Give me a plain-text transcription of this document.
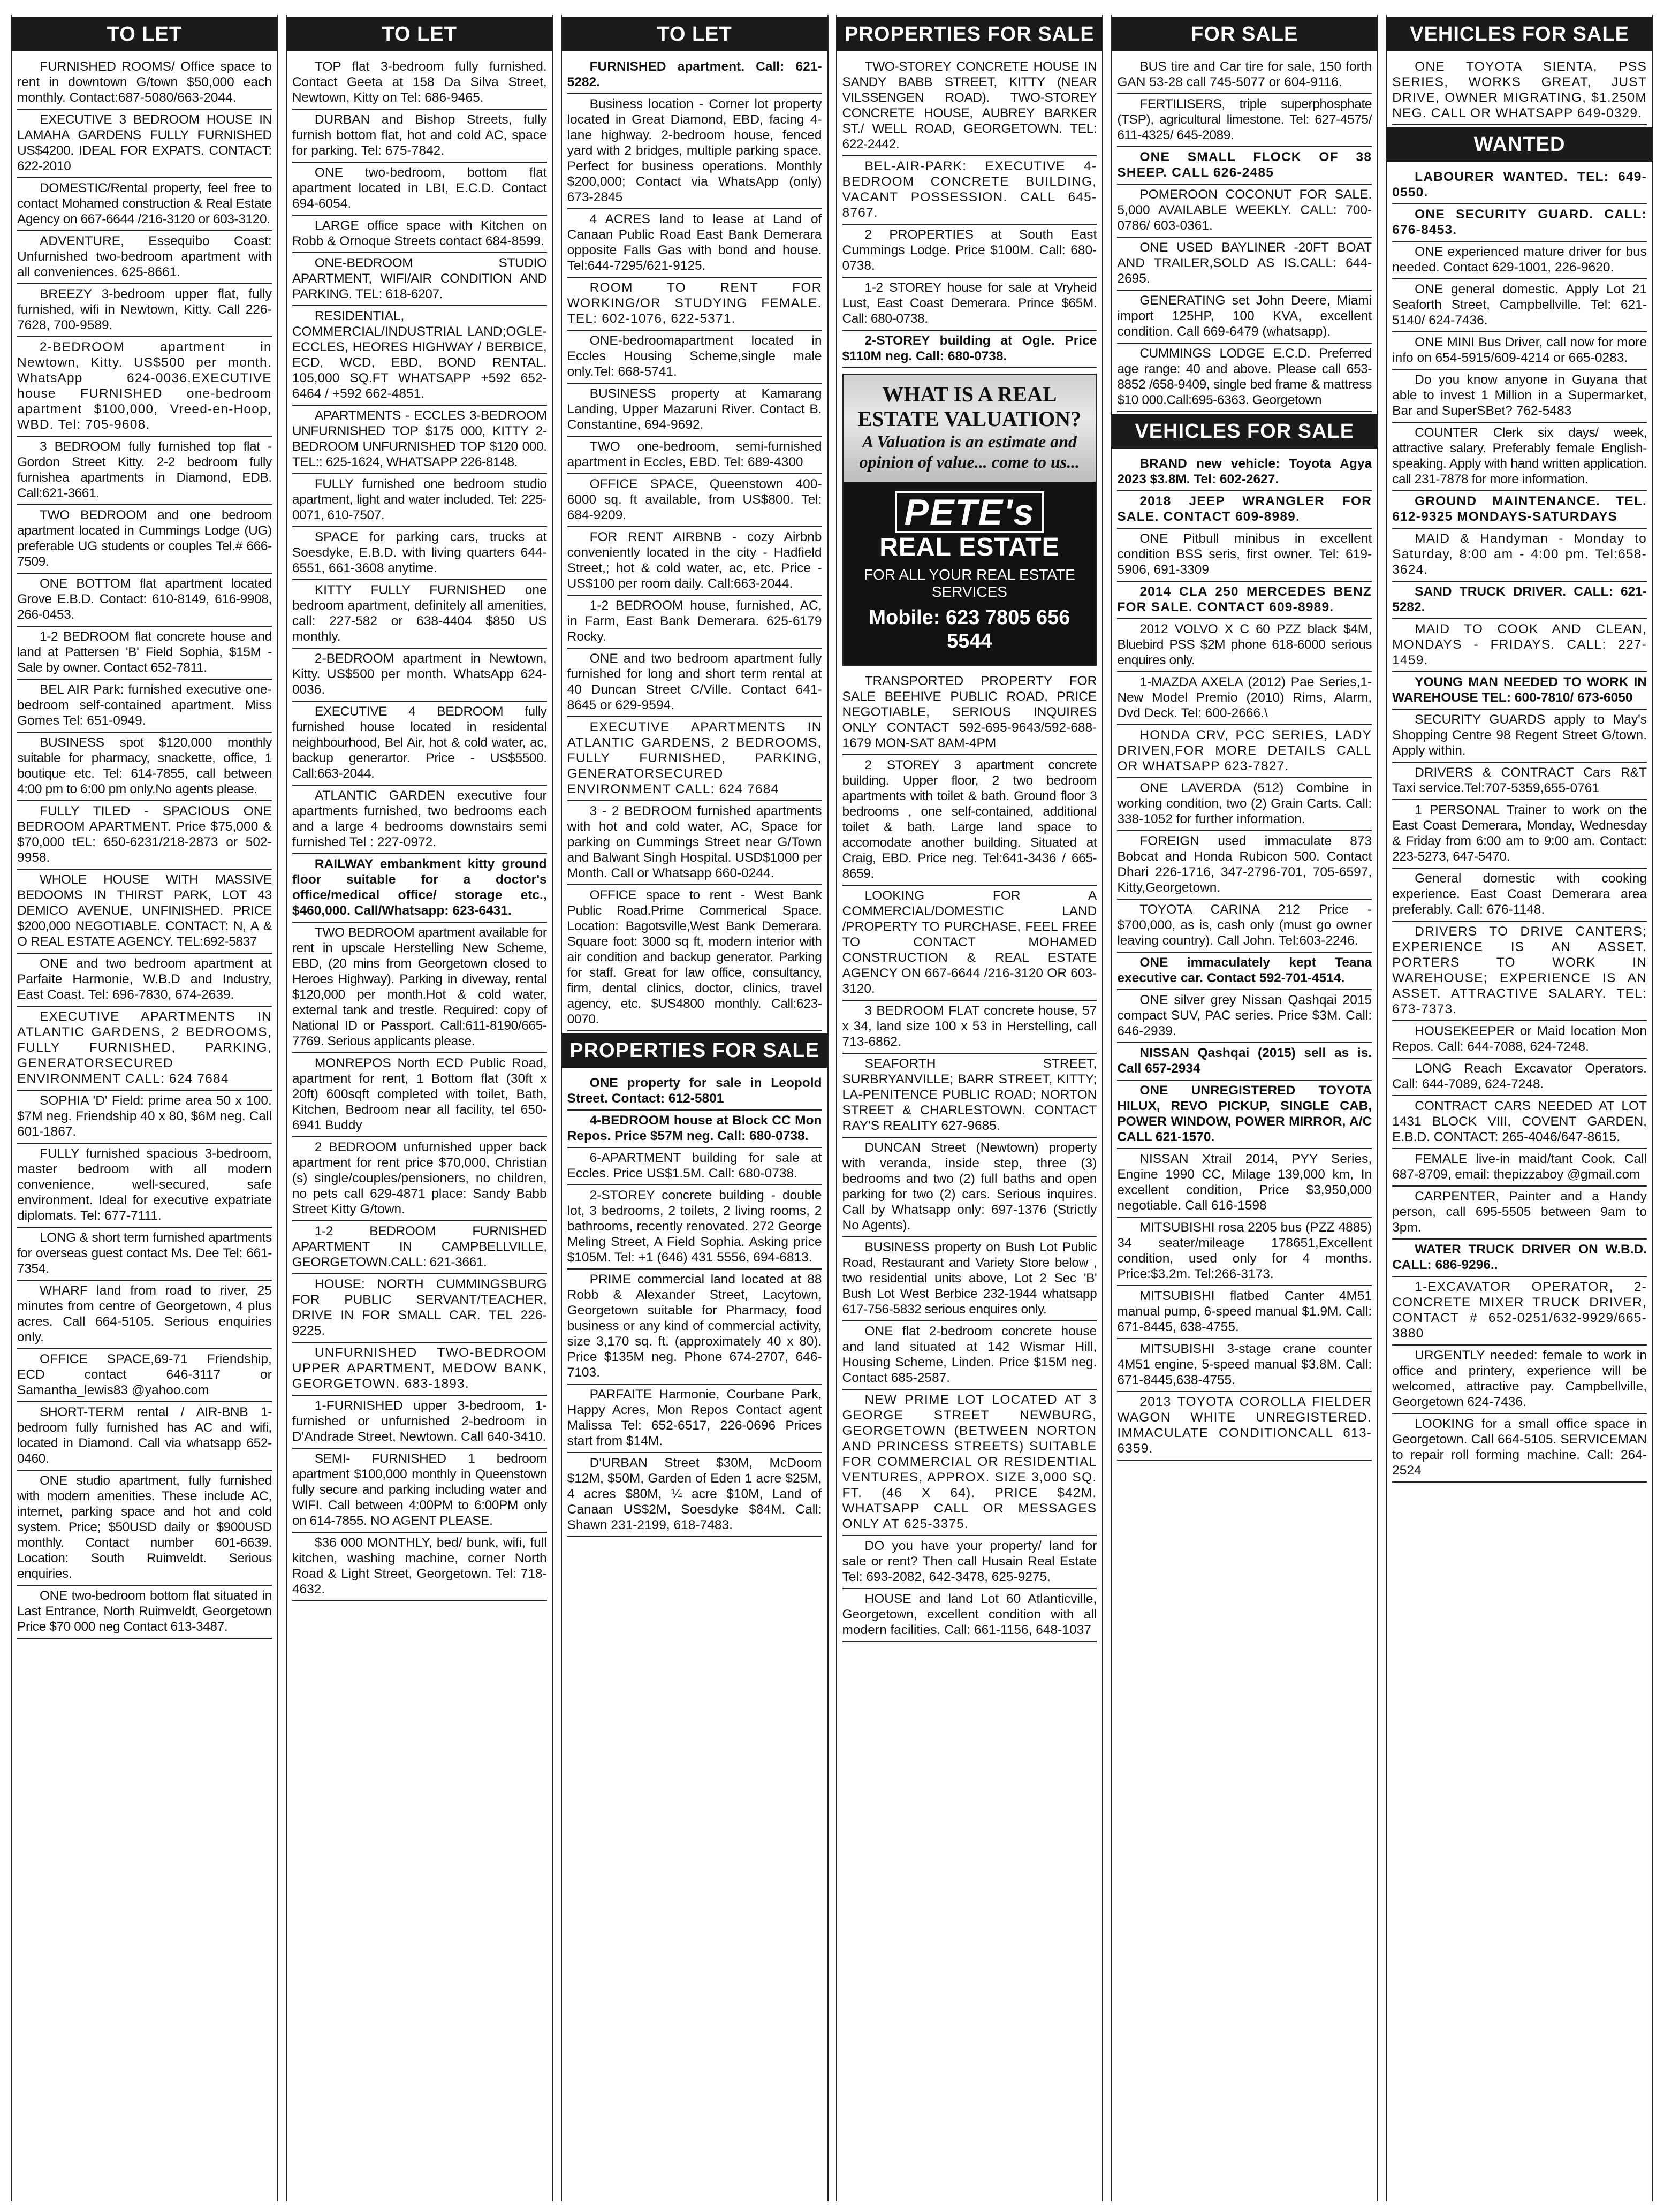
TO LET
FURNISHED ROOMS/ Office space to rent in downtown G/town $50,000 each monthly. Contact:687-5080/663-2044.
EXECUTIVE 3 BEDROOM HOUSE IN LAMAHA GARDENS FULLY FURNISHED US$4200. IDEAL FOR EXPATS. CONTACT: 622-2010
DOMESTIC/Rental property, feel free to contact Mohamed construction & Real Estate Agency on 667-6644 /216-3120 or 603-3120.
ADVENTURE, Essequibo Coast: Unfurnished two-bedroom apartment with all conveniences. 625-8661.
BREEZY 3-bedroom upper flat, fully furnished, wifi in Newtown, Kitty. Call 226-7628, 700-9589.
2-BEDROOM apartment in Newtown, Kitty. US$500 per month. WhatsApp 624-0036.EXECUTIVE house FURNISHED one-bedroom apartment $100,000, Vreed-en-Hoop, WBD. Tel: 705-9608.
3 BEDROOM fully furnished top flat - Gordon Street Kitty. 2-2 bedroom fully furnishea apartments in Diamond, EDB. Call:621-3661.
TWO BEDROOM and one bedroom apartment located in Cummings Lodge (UG) preferable UG students or couples Tel.# 666-7509.
ONE BOTTOM flat apartment located Grove E.B.D. Contact: 610-8149, 616-9908, 266-0453.
1-2 BEDROOM flat concrete house and land at Pattersen 'B' Field Sophia, $15M - Sale by owner. Contact 652-7811.
BEL AIR Park: furnished executive one-bedroom self-contained apartment. Miss Gomes Tel: 651-0949.
BUSINESS spot $120,000 monthly suitable for pharmacy, snackette, office, 1 boutique etc. Tel: 614-7855, call between 4:00 pm to 6:00 pm only.No agents please.
FULLY TILED - SPACIOUS ONE BEDROOM APARTMENT. Price $75,000 & $70,000 tEL: 650-6231/218-2873 or 502-9958.
WHOLE HOUSE WITH MASSIVE BEDOOMS IN THIRST PARK, LOT 43 DEMICO AVENUE, UNFINISHED. PRICE $200,000 NEGOTIABLE. CONTACT: N, A & O REAL ESTATE AGENCY. TEL:692-5837
ONE and two bedroom apartment at Parfaite Harmonie, W.B.D and Industry, East Coast. Tel: 696-7830, 674-2639.
EXECUTIVE APARTMENTS IN ATLANTIC GARDENS, 2 BEDROOMS, FULLY FURNISHED, PARKING, GENERATORSECURED ENVIRONMENT CALL: 624 7684
SOPHIA 'D' Field: prime area 50 x 100. $7M neg. Friendship 40 x 80, $6M neg. Call 601-1867.
FULLY furnished spacious 3-bedroom, master bedroom with all modern convenience, well-secured, safe environment. Ideal for executive expatriate diplomats. Tel: 677-7111.
LONG & short term furnished apartments for overseas guest contact Ms. Dee Tel: 661-7354.
WHARF land from road to river, 25 minutes from centre of Georgetown, 4 plus acres. Call 664-5105. Serious enquiries only.
OFFICE SPACE,69-71 Friendship, ECD contact 646-3117 or Samantha_lewis83 @yahoo.com
SHORT-TERM rental / AIR-BNB 1-bedroom fully furnished has AC and wifi, located in Diamond. Call via whatsapp 652-0460.
ONE studio apartment, fully furnished with modern amenities. These include AC, internet, parking space and hot and cold system. Price; $50USD daily or $900USD monthly. Contact number 601-6639. Location: South Ruimveldt. Serious enquiries.
ONE two-bedroom bottom flat situated in Last Entrance, North Ruimveldt, Georgetown Price $70 000 neg Contact 613-3487.
TO LET
TOP flat 3-bedroom fully furnished. Contact Geeta at 158 Da Silva Street, Newtown, Kitty on Tel: 686-9465.
DURBAN and Bishop Streets, fully furnish bottom flat, hot and cold AC, space for parking. Tel: 675-7842.
ONE two-bedroom, bottom flat apartment located in LBI, E.C.D. Contact 694-6054.
LARGE office space with Kitchen on Robb & Ornoque Streets contact 684-8599.
ONE-BEDROOM STUDIO APARTMENT, WIFI/AIR CONDITION AND PARKING. TEL: 618-6207.
RESIDENTIAL, COMMERCIAL/INDUSTRIAL LAND;OGLE-ECCLES, HEORES HIGHWAY / BERBICE, ECD, WCD, EBD, BOND RENTAL. 105,000 SQ.FT WHATSAPP +592 652-6464 / +592 662-4851.
APARTMENTS - ECCLES 3-BEDROOM UNFURNISHED TOP $175 000, KITTY 2-BEDROOM UNFURNISHED TOP $120 000. TEL:: 625-1624, WHATSAPP 226-8148.
FULLY furnished one bedroom studio apartment, light and water included. Tel: 225-0071, 610-7507.
SPACE for parking cars, trucks at Soesdyke, E.B.D. with living quarters 644-6551, 661-3608 anytime.
KITTY FULLY FURNISHED one bedroom apartment, definitely all amenities, call: 227-582 or 638-4404 $850 US monthly.
2-BEDROOM apartment in Newtown, Kitty. US$500 per month. WhatsApp 624-0036.
EXECUTIVE 4 BEDROOM fully furnished house located in residental neighbourhood, Bel Air, hot & cold water, ac, backup generartor. Price - US$5500. Call:663-2044.
ATLANTIC GARDEN executive four apartments furnished, two bedrooms each and a large 4 bedrooms downstairs semi furnished Tel : 227-0972.
RAILWAY embankment kitty ground floor suitable for a doctor's office/medical office/ storage etc., $460,000. Call/Whatsapp: 623-6431.
TWO BEDROOM apartment available for rent in upscale Herstelling New Scheme, EBD, (20 mins from Georgetown closed to Heroes Highway). Parking in diveway, rental $120,000 per month.Hot & cold water, external tank and trestle. Required: copy of National ID or Passport. Call:611-8190/665-7769. Serious applicants please.
MONREPOS North ECD Public Road, apartment for rent, 1 Bottom flat (30ft x 20ft) 600sqft completed with toilet, Bath, Kitchen, Bedroom near all facility, tel 650-6941 Buddy
2 BEDROOM unfurnished upper back apartment for rent price $70,000, Christian (s) single/couples/pensioners, no children, no pets call 629-4871 place: Sandy Babb Street Kitty G/town.
1-2 BEDROOM FURNISHED APARTMENT IN CAMPBELLVILLE, GEORGETOWN.CALL: 621-3661.
HOUSE: NORTH CUMMINGSBURG FOR PUBLIC SERVANT/TEACHER, DRIVE IN FOR SMALL CAR. TEL 226-9225.
UNFURNISHED TWO-BEDROOM UPPER APARTMENT, MEDOW BANK, GEORGETOWN. 683-1893.
1-FURNISHED upper 3-bedroom, 1-furnished or unfurnished 2-bedroom in D'Andrade Street, Newtown. Call 640-3410.
SEMI- FURNISHED 1 bedroom apartment $100,000 monthly in Queenstown fully secure and parking including water and WIFI. Call between 4:00PM to 6:00PM only on 614-7855. NO AGENT PLEASE.
$36 000 MONTHLY, bed/ bunk, wifi, full kitchen, washing machine, corner North Road & Light Street, Georgetown. Tel: 718-4632.
TO LET
FURNISHED apartment. Call: 621-5282.
Business location - Corner lot property located in Great Diamond, EBD, facing 4-lane highway. 2-bedroom house, fenced yard with 2 bridges, multiple parking space. Perfect for business operations. Monthly $200,000; Contact via WhatsApp (only) 673-2845
4 ACRES land to lease at Land of Canaan Public Road East Bank Demerara opposite Falls Gas with bond and house. Tel:644-7295/621-9125.
ROOM TO RENT FOR WORKING/OR STUDYING FEMALE. TEL: 602-1076, 622-5371.
ONE-bedroomapartment located in Eccles Housing Scheme,single male only.Tel: 668-5741.
BUSINESS property at Kamarang Landing, Upper Mazaruni River. Contact B. Constantine, 694-9692.
TWO one-bedroom, semi-furnished apartment in Eccles, EBD. Tel: 689-4300
OFFICE SPACE, Queenstown 400-6000 sq. ft available, from US$800. Tel: 684-9209.
FOR RENT AIRBNB - cozy Airbnb conveniently located in the city - Hadfield Street,; hot & cold water, ac, etc. Price - US$100 per room daily. Call:663-2044.
1-2 BEDROOM house, furnished, AC, in Farm, East Bank Demerara. 625-6179 Rocky.
ONE and two bedroom apartment fully furnished for long and short term rental at 40 Duncan Street C/Ville. Contact 641-8645 or 629-9594.
EXECUTIVE APARTMENTS IN ATLANTIC GARDENS, 2 BEDROOMS, FULLY FURNISHED, PARKING, GENERATORSECURED ENVIRONMENT CALL: 624 7684
3 - 2 BEDROOM furnished apartments with hot and cold water, AC, Space for parking on Cummings Street near G/Town and Balwant Singh Hospital. USD$1000 per Month. Call or Whatsapp 660-0244.
OFFICE space to rent - West Bank Public Road.Prime Commerical Space. Location: Bagotsville,West Bank Demerara. Square foot: 3000 sq ft, modern interior with air condition and backup generator. Parking for staff. Great for law office, consultancy, firm, dental clinics, doctor, clinics, travel agency, etc. $US4800 monthly. Call:623-0070.
PROPERTIES FOR SALE
ONE property for sale in Leopold Street. Contact: 612-5801
4-BEDROOM house at Block CC Mon Repos. Price $57M neg. Call: 680-0738.
6-APARTMENT building for sale at Eccles. Price US$1.5M. Call: 680-0738.
2-STOREY concrete building - double lot, 3 bedrooms, 2 toilets, 2 living rooms, 2 bathrooms, recently renovated. 272 George Meling Street, A Field Sophia. Asking price $105M. Tel: +1 (646) 431 5556, 694-6813.
PRIME commercial land located at 88 Robb & Alexander Street, Lacytown, Georgetown suitable for Pharmacy, food business or any kind of commercial activity, size 3,170 sq. ft. (approximately 40 x 80). Price $135M neg. Phone 674-2707, 646-7103.
PARFAITE Harmonie, Courbane Park, Happy Acres, Mon Repos Contact agent Malissa Tel: 652-6517, 226-0696 Prices start from $14M.
D'URBAN Street $30M, McDoom $12M, $50M, Garden of Eden 1 acre $25M, 4 acres $80M, ¼ acre $10M, Land of Canaan US$2M, Soesdyke $84M. Call: Shawn 231-2199, 618-7483.
PROPERTIES FOR SALE
TWO-STOREY CONCRETE HOUSE IN SANDY BABB STREET, KITTY (NEAR VILSSENGEN ROAD). TWO-STOREY CONCRETE HOUSE, AUBREY BARKER ST./ WELL ROAD, GEORGETOWN. TEL: 622-2442.
BEL-AIR-PARK: EXECUTIVE 4-BEDROOM CONCRETE BUILDING, VACANT POSSESSION. CALL 645-8767.
2 PROPERTIES at South East Cummings Lodge. Price $100M. Call: 680-0738.
1-2 STOREY house for sale at Vryheid Lust, East Coast Demerara. Prince $65M. Call: 680-0738.
2-STOREY building at Ogle. Price $110M neg. Call: 680-0738.
WHAT IS A REAL ESTATE VALUATION?
A Valuation is an estimate and opinion of value... come to us...
PETE's
REAL ESTATE
FOR ALL YOUR REAL ESTATE SERVICES
Mobile: 623 7805 656 5544
TRANSPORTED PROPERTY FOR SALE BEEHIVE PUBLIC ROAD, PRICE NEGOTIABLE, SERIOUS INQUIRES ONLY CONTACT 592-695-9643/592-688-1679 MON-SAT 8AM-4PM
2 STOREY 3 apartment concrete building. Upper floor, 2 two bedroom apartments with toilet & bath. Ground floor 3 bedrooms , one self-contained, additional toilet & bath. Large land space to accomodate another building. Situated at Craig, EBD. Price neg. Tel:641-3436 / 665-8659.
LOOKING FOR A COMMERCIAL/DOMESTIC LAND /PROPERTY TO PURCHASE, FEEL FREE TO CONTACT MOHAMED CONSTRUCTION & REAL ESTATE AGENCY ON 667-6644 /216-3120 OR 603-3120.
3 BEDROOM FLAT concrete house, 57 x 34, land size 100 x 53 in Herstelling, call 713-6862.
SEAFORTH STREET, SURBRYANVILLE; BARR STREET, KITTY; LA-PENITENCE PUBLIC ROAD; NORTON STREET & CHARLESTOWN. CONTACT RAY'S REALITY 627-9685.
DUNCAN Street (Newtown) property with veranda, inside step, three (3) bedrooms and two (2) full baths and open parking for two (2) cars. Serious inquires. Call by Whatsapp only: 697-1376 (Strictly No Agents).
BUSINESS property on Bush Lot Public Road, Restaurant and Variety Store below , two residential units above, Lot 2 Sec 'B' Bush Lot West Berbice 232-1944 whatsapp 617-756-5832 serious enquires only.
ONE flat 2-bedroom concrete house and land situated at 142 Wismar Hill, Housing Scheme, Linden. Price $15M neg. Contact 685-2587.
NEW PRIME LOT LOCATED AT 3 GEORGE STREET NEWBURG, GEORGETOWN (BETWEEN NORTON AND PRINCESS STREETS) SUITABLE FOR COMMERCIAL OR RESIDENTIAL VENTURES, APPROX. SIZE 3,000 SQ. FT. (46 X 64). PRICE $42M. WHATSAPP CALL OR MESSAGES ONLY AT 625-3375.
DO you have your property/ land for sale or rent? Then call Husain Real Estate Tel: 693-2082, 642-3478, 625-9275.
HOUSE and land Lot 60 Atlanticville, Georgetown, excellent condition with all modern facilities. Call: 661-1156, 648-1037
FOR SALE
BUS tire and Car tire for sale, 150 forth GAN 53-28 call 745-5077 or 604-9116.
FERTILISERS, triple superphosphate (TSP), agricultural limestone. Tel: 627-4575/ 611-4325/ 645-2089.
ONE SMALL FLOCK OF 38 SHEEP. CALL 626-2485
POMEROON COCONUT FOR SALE. 5,000 AVAILABLE WEEKLY. CALL: 700-0786/ 603-0361.
ONE USED BAYLINER -20FT BOAT AND TRAILER,SOLD AS IS.CALL: 644-2695.
GENERATING set John Deere, Miami import 125HP, 100 KVA, excellent condition. Call 669-6479 (whatsapp).
CUMMINGS LODGE E.C.D. Preferred age range: 40 and above. Please call 653-8852 /658-9409, single bed frame & mattress $10 000.Call:695-6363. Georgetown
VEHICLES FOR SALE
BRAND new vehicle: Toyota Agya 2023 $3.8M. Tel: 602-2627.
2018 JEEP WRANGLER FOR SALE. CONTACT 609-8989.
ONE Pitbull minibus in excellent condition BSS seris, first owner. Tel: 619-5906, 691-3309
2014 CLA 250 MERCEDES BENZ FOR SALE. CONTACT 609-8989.
2012 VOLVO X C 60 PZZ black $4M, Bluebird PSS $2M phone 618-6000 serious enquires only.
1-MAZDA AXELA (2012) Pae Series,1- New Model Premio (2010) Rims, Alarm, Dvd Deck. Tel: 600-2666.\
HONDA CRV, PCC SERIES, LADY DRIVEN,FOR MORE DETAILS CALL OR WHATSAPP 623-7827.
ONE LAVERDA (512) Combine in working condition, two (2) Grain Carts. Call: 338-1052 for further information.
FOREIGN used immaculate 873 Bobcat and Honda Rubicon 500. Contact Dhari 226-1716, 347-2796-701, 705-6597, Kitty,Georgetown.
TOYOTA CARINA 212 Price - $700,000, as is, cash only (must go owner leaving country). Call John. Tel:603-2246.
ONE immaculately kept Teana executive car. Contact 592-701-4514.
ONE silver grey Nissan Qashqai 2015 compact SUV, PAC series. Price $3M. Call: 646-2939.
NISSAN Qashqai (2015) sell as is. Call 657-2934
ONE UNREGISTERED TOYOTA HILUX, REVO PICKUP, SINGLE CAB, POWER WINDOW, POWER MIRROR, A/C CALL 621-1570.
NISSAN Xtrail 2014, PYY Series, Engine 1990 CC, Milage 139,000 km, In excellent condition, Price $3,950,000 negotiable. Call 616-1598
MITSUBISHI rosa 2205 bus (PZZ 4885) 34 seater/mileage 178651,Excellent condition, used only for 4 months. Price:$3.2m. Tel:266-3173.
MITSUBISHI flatbed Canter 4M51 manual pump, 6-speed manual $1.9M. Call: 671-8445, 638-4755.
MITSUBISHI 3-stage crane counter 4M51 engine, 5-speed manual $3.8M. Call: 671-8445,638-4755.
2013 TOYOTA COROLLA FIELDER WAGON WHITE UNREGISTERED. IMMACULATE CONDITIONCALL 613-6359.
VEHICLES FOR SALE
ONE TOYOTA SIENTA, PSS SERIES, WORKS GREAT, JUST DRIVE, OWNER MIGRATING, $1.250M NEG. CALL OR WHATSAPP 649-0329.
WANTED
LABOURER WANTED. TEL: 649-0550.
ONE SECURITY GUARD. CALL: 676-8453.
ONE experienced mature driver for bus needed. Contact 629-1001, 226-9620.
ONE general domestic. Apply Lot 21 Seaforth Street, Campbellville. Tel: 621-5140/ 624-7436.
ONE MINI Bus Driver, call now for more info on 654-5915/609-4214 or 665-0283.
Do you know anyone in Guyana that able to invest 1 Million in a Supermarket, Bar and SuperSBet? 762-5483
COUNTER Clerk six days/ week, attractive salary. Preferably female English-speaking. Apply with hand written application. call 231-7878 for more information.
GROUND MAINTENANCE. TEL. 612-9325 MONDAYS-SATURDAYS
MAID & Handyman - Monday to Saturday, 8:00 am - 4:00 pm. Tel:658-3624.
SAND TRUCK DRIVER. CALL: 621-5282.
MAID TO COOK AND CLEAN, MONDAYS - FRIDAYS. CALL: 227-1459.
YOUNG MAN NEEDED TO WORK IN WAREHOUSE TEL: 600-7810/ 673-6050
SECURITY GUARDS apply to May's Shopping Centre 98 Regent Street G/town. Apply within.
DRIVERS & CONTRACT Cars R&T Taxi service.Tel:707-5359,655-0761
1 PERSONAL Trainer to work on the East Coast Demerara, Monday, Wednesday & Friday from 6:00 am to 9:00 am. Contact: 223-5273, 647-5470.
General domestic with cooking experience. East Coast Demerara area preferably. Call: 676-1148.
DRIVERS TO DRIVE CANTERS; EXPERIENCE IS AN ASSET. PORTERS TO WORK IN WAREHOUSE; EXPERIENCE IS AN ASSET. ATTRACTIVE SALARY. TEL: 673-7373.
HOUSEKEEPER or Maid location Mon Repos. Call: 644-7088, 624-7248.
LONG Reach Excavator Operators. Call: 644-7089, 624-7248.
CONTRACT CARS NEEDED AT LOT 1431 BLOCK VIII, COVENT GARDEN, E.B.D. CONTACT: 265-4046/647-8615.
FEMALE live-in maid/tant Cook. Call 687-8709, email: thepizzaboy @gmail.com
CARPENTER, Painter and a Handy person, call 695-5505 between 9am to 3pm.
WATER TRUCK DRIVER ON W.B.D. CALL: 686-9296..
1-EXCAVATOR OPERATOR, 2- CONCRETE MIXER TRUCK DRIVER, CONTACT # 652-0251/632-9929/665-3880
URGENTLY needed: female to work in office and printery, experience will be welcomed, attractive pay. Campbellville, Georgetown 624-7436.
LOOKING for a small office space in Georgetown. Call 664-5105. SERVICEMAN to repair roll forming machine. Call: 264-2524
